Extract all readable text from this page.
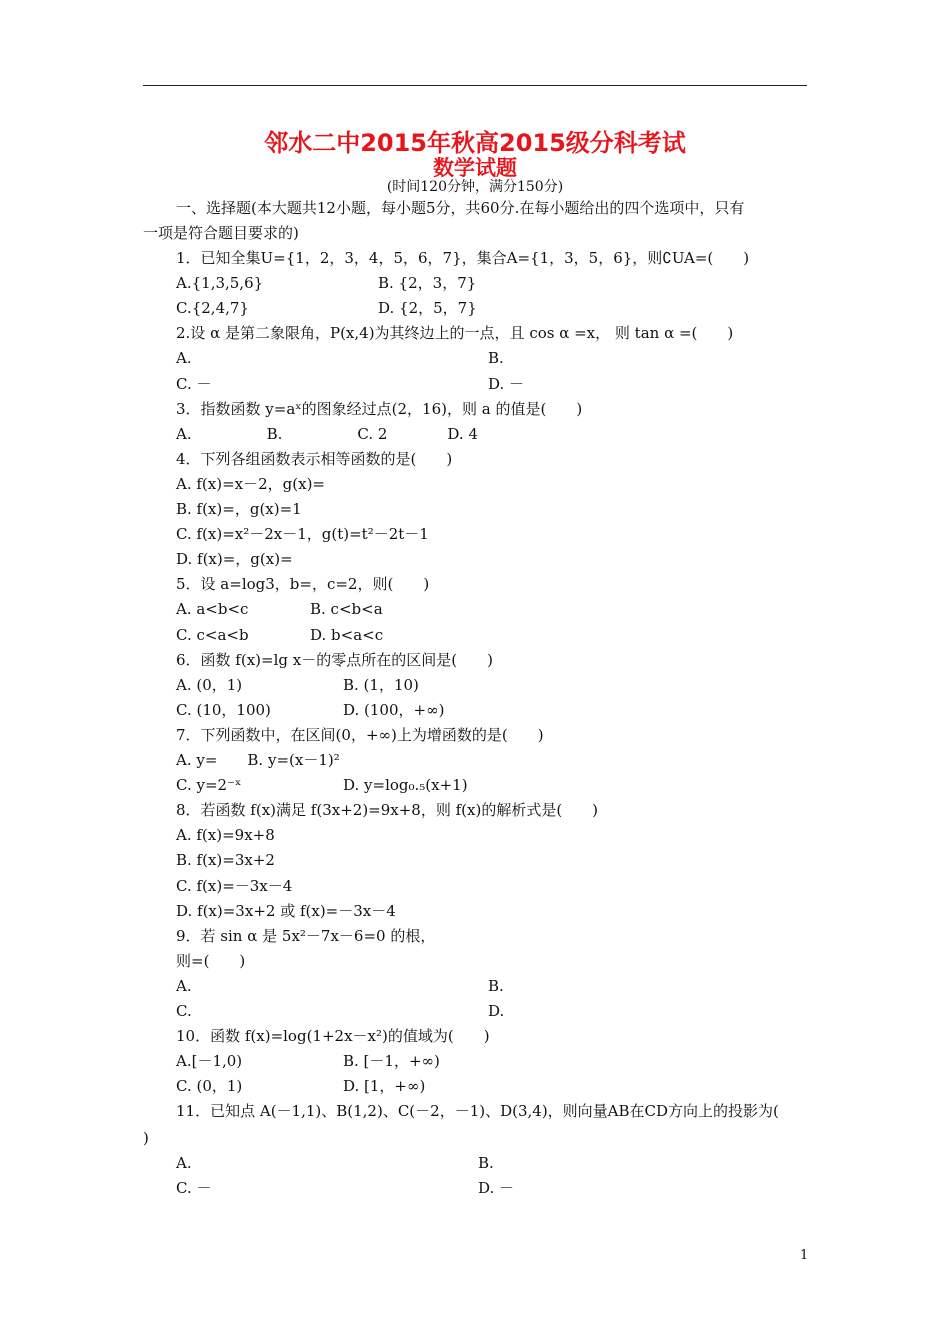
邻水二中2015年秋高2015级分科考试
数学试题
(时间120分钟，满分150分)
一、选择题(本大题共12小题，每小题5分，共60分.在每小题给出的四个选项中，只有
一项是符合题目要求的)
1．已知全集U={1，2，3，4，5，6，7}，集合A={1，3，5，6}，则∁UA=(　　)
A.{1,3,5,6}	B. {2，3，7}
C.{2,4,7}	D. {2，5，7}
2.设 α 是第二象限角，P(x,4)为其终边上的一点，且 cos α =x， 则 tan α =(　　)
A.	B.
C. －	D. －
3．指数函数 y=aˣ的图象经过点(2，16)，则 a 的值是(　　)
A.　　　　　B.　　　　　C. 2　　　　D. 4
4．下列各组函数表示相等函数的是(　　)
A. f(x)=x－2，g(x)=
B. f(x)=，g(x)=1
C. f(x)=x²－2x－1，g(t)=t²－2t－1
D. f(x)=，g(x)=
5．设 a=log3，b=，c=2，则(　　)
A. a<b<c	B. c<b<a
C. c<a<b	D. b<a<c
6．函数 f(x)=lg x－的零点所在的区间是(　　)
A. (0，1)	B. (1，10)
C. (10，100)	D. (100，+∞)
7．下列函数中，在区间(0，+∞)上为增函数的是(　　)
A. y=　　B. y=(x－1)²
C. y=2⁻ˣ	D. y=log₀.₅(x+1)
8．若函数 f(x)满足 f(3x+2)=9x+8，则 f(x)的解析式是(　　)
A. f(x)=9x+8
B. f(x)=3x+2
C. f(x)=－3x－4
D. f(x)=3x+2 或 f(x)=－3x－4
9．若 sin α 是 5x²－7x－6=0 的根，
则=(　　)
A.	B.
C.	D.
10．函数 f(x)=log(1+2x－x²)的值域为(　　)
A.[－1,0)	B. [－1，+∞)
C. (0，1)	D. [1，+∞)
11．已知点 A(－1,1)、B(1,2)、C(－2，－1)、D(3,4)，则向量AB在CD方向上的投影为(
)
A.	B.
C. －	D. －
1
